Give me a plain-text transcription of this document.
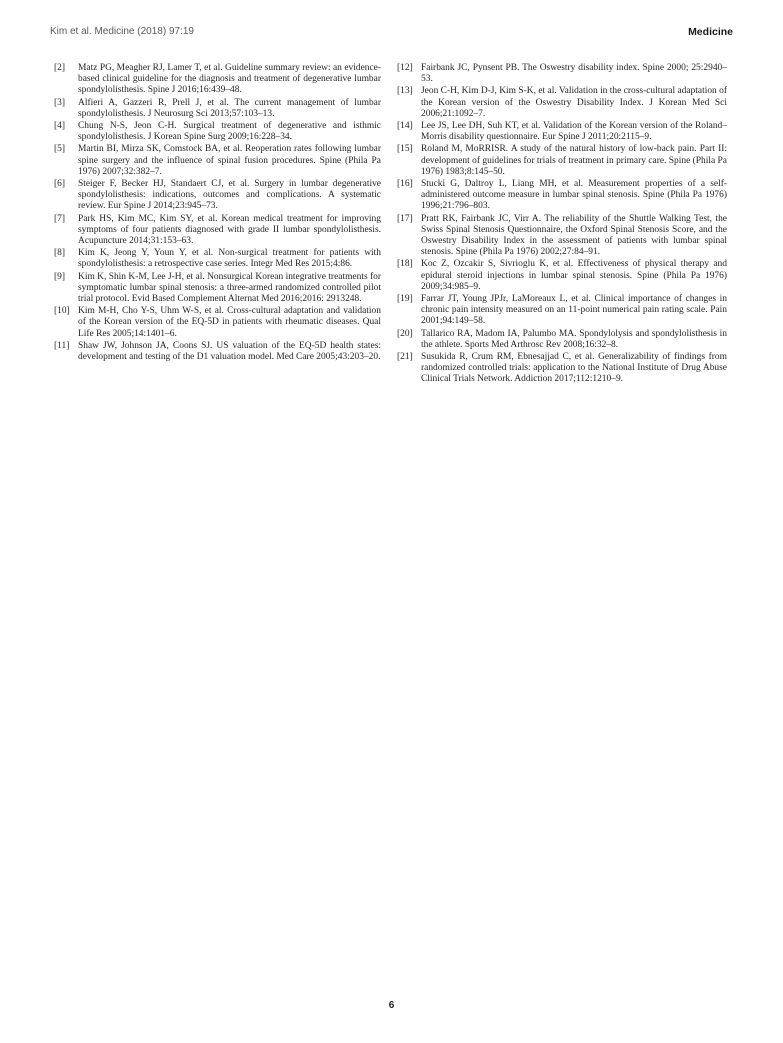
Kim et al. Medicine (2018) 97:19	Medicine
[2] Matz PG, Meagher RJ, Lamer T, et al. Guideline summary review: an evidence-based clinical guideline for the diagnosis and treatment of degenerative lumbar spondylolisthesis. Spine J 2016;16:439–48.
[3] Alfieri A, Gazzeri R, Prell J, et al. The current management of lumbar spondylolisthesis. J Neurosurg Sci 2013;57:103–13.
[4] Chung N-S, Jeon C-H. Surgical treatment of degenerative and isthmic spondylolisthesis. J Korean Spine Surg 2009;16:228–34.
[5] Martin BI, Mirza SK, Comstock BA, et al. Reoperation rates following lumbar spine surgery and the influence of spinal fusion procedures. Spine (Phila Pa 1976) 2007;32:382–7.
[6] Steiger F, Becker HJ, Standaert CJ, et al. Surgery in lumbar degenerative spondylolisthesis: indications, outcomes and complications. A systematic review. Eur Spine J 2014;23:945–73.
[7] Park HS, Kim MC, Kim SY, et al. Korean medical treatment for improving symptoms of four patients diagnosed with grade II lumbar spondylolisthesis. Acupuncture 2014;31:153–63.
[8] Kim K, Jeong Y, Youn Y, et al. Non-surgical treatment for patients with spondylolisthesis: a retrospective case series. Integr Med Res 2015;4:86.
[9] Kim K, Shin K-M, Lee J-H, et al. Nonsurgical Korean integrative treatments for symptomatic lumbar spinal stenosis: a three-armed randomized controlled pilot trial protocol. Evid Based Complement Alternat Med 2016;2016: 2913248.
[10] Kim M-H, Cho Y-S, Uhm W-S, et al. Cross-cultural adaptation and validation of the Korean version of the EQ-5D in patients with rheumatic diseases. Qual Life Res 2005;14:1401–6.
[11] Shaw JW, Johnson JA, Coons SJ. US valuation of the EQ-5D health states: development and testing of the D1 valuation model. Med Care 2005;43:203–20.
[12] Fairbank JC, Pynsent PB. The Oswestry disability index. Spine 2000; 25:2940–53.
[13] Jeon C-H, Kim D-J, Kim S-K, et al. Validation in the cross-cultural adaptation of the Korean version of the Oswestry Disability Index. J Korean Med Sci 2006;21:1092–7.
[14] Lee JS, Lee DH, Suh KT, et al. Validation of the Korean version of the Roland–Morris disability questionnaire. Eur Spine J 2011;20:2115–9.
[15] Roland M, MoRRISR. A study of the natural history of low-back pain. Part II: development of guidelines for trials of treatment in primary care. Spine (Phila Pa 1976) 1983;8:145–50.
[16] Stucki G, Daltroy L, Liang MH, et al. Measurement properties of a self-administered outcome measure in lumbar spinal stenosis. Spine (Phila Pa 1976) 1996;21:796–803.
[17] Pratt RK, Fairbank JC, Virr A. The reliability of the Shuttle Walking Test, the Swiss Spinal Stenosis Questionnaire, the Oxford Spinal Stenosis Score, and the Oswestry Disability Index in the assessment of patients with lumbar spinal stenosis. Spine (Phila Pa 1976) 2002;27:84–91.
[18] Koc Z, Ozcakir S, Sivrioglu K, et al. Effectiveness of physical therapy and epidural steroid injections in lumbar spinal stenosis. Spine (Phila Pa 1976) 2009;34:985–9.
[19] Farrar JT, Young JPJr, LaMoreaux L, et al. Clinical importance of changes in chronic pain intensity measured on an 11-point numerical pain rating scale. Pain 2001;94:149–58.
[20] Tallarico RA, Madom IA, Palumbo MA. Spondylolysis and spondylolisthesis in the athlete. Sports Med Arthrosc Rev 2008;16:32–8.
[21] Susukida R, Crum RM, Ebnesajjad C, et al. Generalizability of findings from randomized controlled trials: application to the National Institute of Drug Abuse Clinical Trials Network. Addiction 2017;112:1210–9.
6
